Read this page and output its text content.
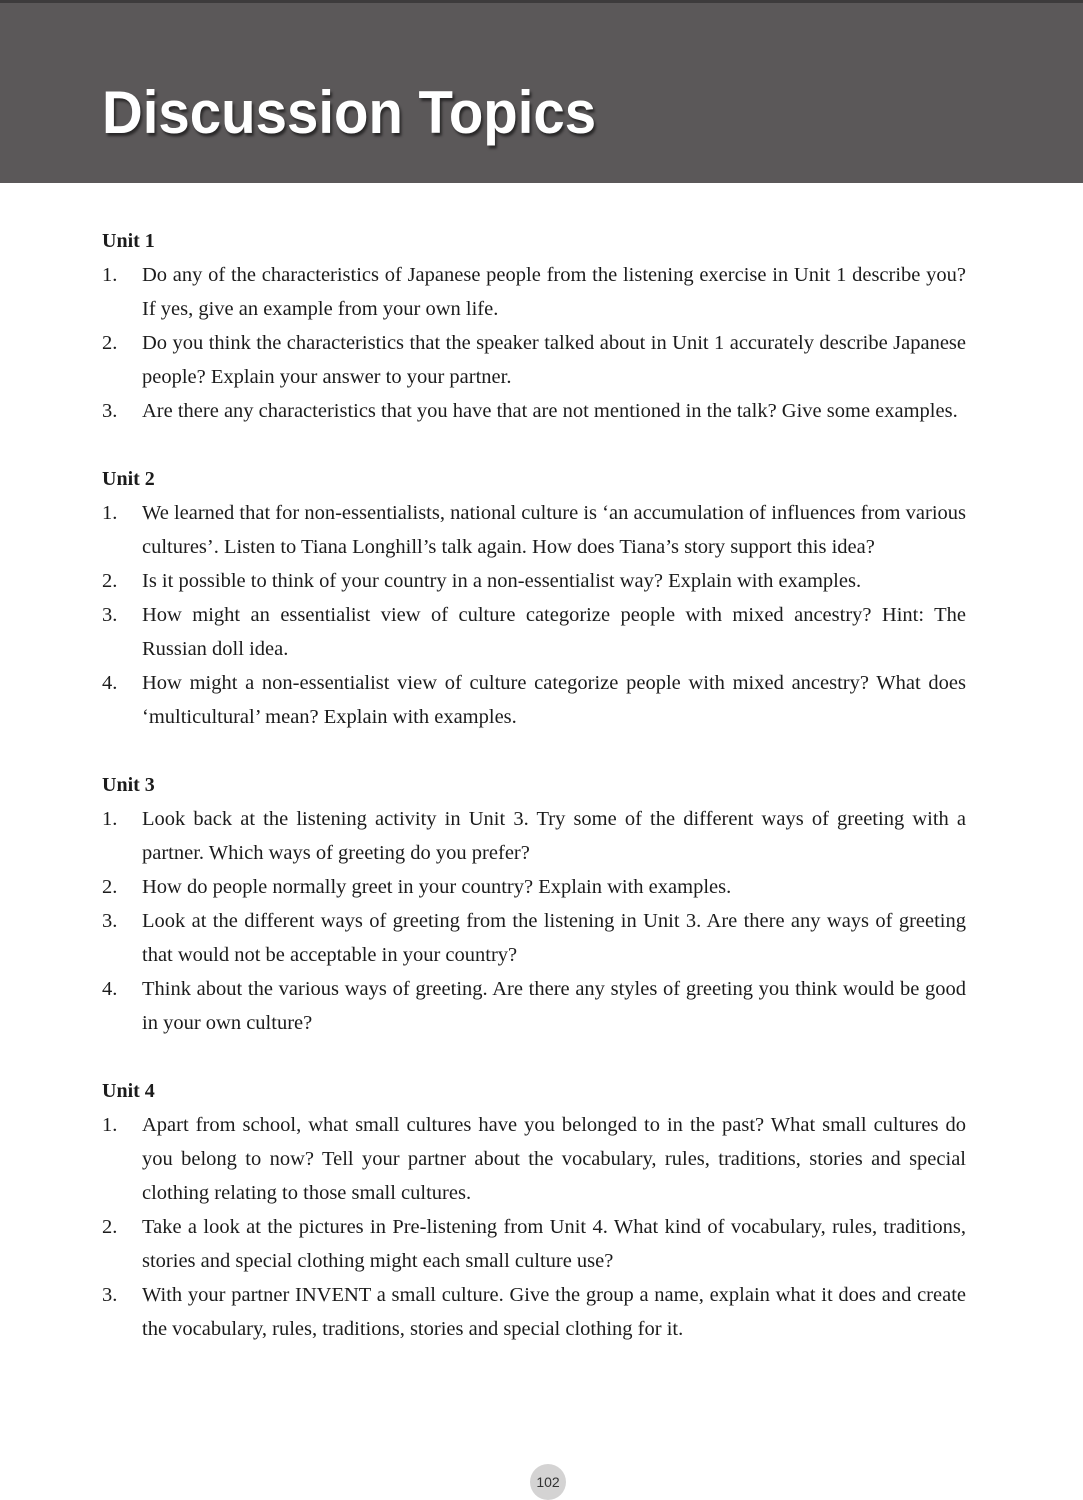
Discussion Topics
Unit 1
1. Do any of the characteristics of Japanese people from the listening exercise in Unit 1 describe you? If yes, give an example from your own life.
2. Do you think the characteristics that the speaker talked about in Unit 1 accurately describe Japanese people? Explain your answer to your partner.
3. Are there any characteristics that you have that are not mentioned in the talk? Give some examples.
Unit 2
1. We learned that for non-essentialists, national culture is ‘an accumulation of influences from various cultures’. Listen to Tiana Longhill’s talk again. How does Tiana’s story support this idea?
2. Is it possible to think of your country in a non-essentialist way? Explain with examples.
3. How might an essentialist view of culture categorize people with mixed ancestry? Hint: The Russian doll idea.
4. How might a non-essentialist view of culture categorize people with mixed ancestry? What does ‘multicultural’ mean? Explain with examples.
Unit 3
1. Look back at the listening activity in Unit 3. Try some of the different ways of greeting with a partner. Which ways of greeting do you prefer?
2. How do people normally greet in your country? Explain with examples.
3. Look at the different ways of greeting from the listening in Unit 3. Are there any ways of greeting that would not be acceptable in your country?
4. Think about the various ways of greeting. Are there any styles of greeting you think would be good in your own culture?
Unit 4
1. Apart from school, what small cultures have you belonged to in the past? What small cultures do you belong to now? Tell your partner about the vocabulary, rules, traditions, stories and special clothing relating to those small cultures.
2. Take a look at the pictures in Pre-listening from Unit 4. What kind of vocabulary, rules, traditions, stories and special clothing might each small culture use?
3. With your partner INVENT a small culture. Give the group a name, explain what it does and create the vocabulary, rules, traditions, stories and special clothing for it.
102
